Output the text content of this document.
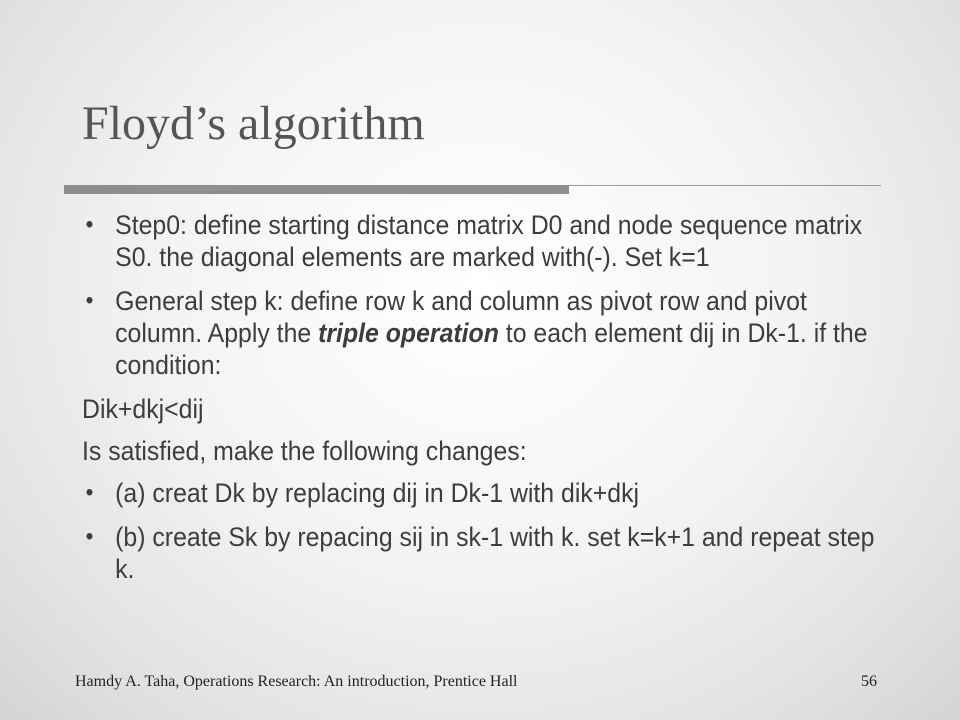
Floyd’s algorithm
• Step0: define starting distance matrix D0 and node sequence matrix S0. the diagonal elements are marked with(-). Set k=1
• General step k: define row k and column as pivot row and pivot column. Apply the triple operation to each element dij in Dk-1. if the condition:
Dik+dkj<dij
Is satisfied, make the following changes:
• (a) creat Dk by replacing dij in Dk-1 with dik+dkj
• (b) create Sk by repacing sij in sk-1 with k. set k=k+1 and repeat step k.
Hamdy A. Taha, Operations Research: An introduction, Prentice Hall	56
